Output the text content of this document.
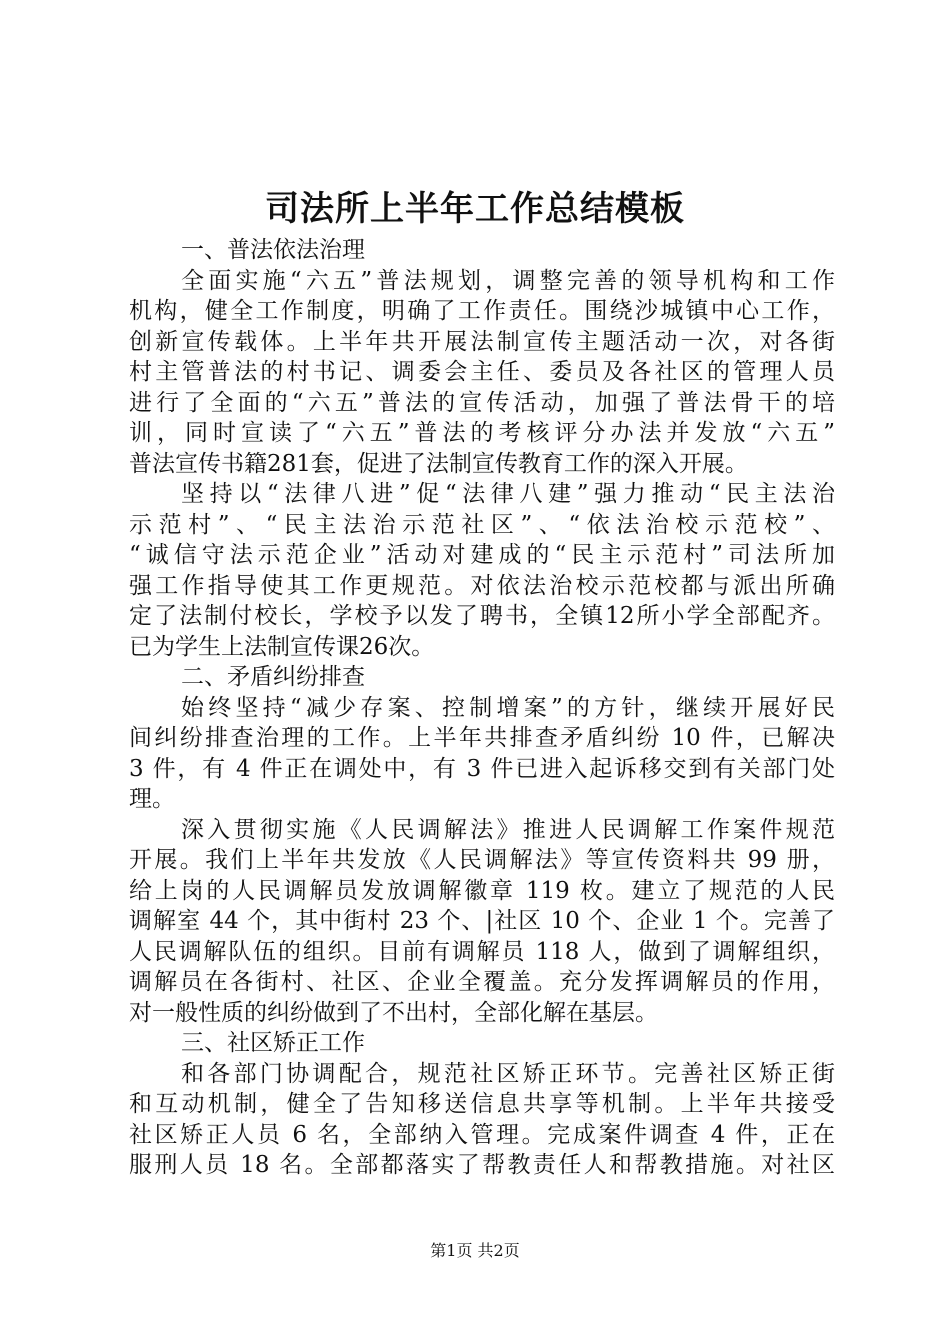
司法所上半年工作总结模板
一、普法依法治理
全面实施“六五”普法规划，调整完善的领导机构和工作
机构，健全工作制度，明确了工作责任。围绕沙城镇中心工作，
创新宣传载体。上半年共开展法制宣传主题活动一次，对各街
村主管普法的村书记、调委会主任、委员及各社区的管理人员
进行了全面的“六五”普法的宣传活动，加强了普法骨干的培
训，同时宣读了“六五”普法的考核评分办法并发放“六五”
普法宣传书籍281套，促进了法制宣传教育工作的深入开展。
坚持以“法律八进”促“法律八建”强力推动“民主法治
示范村”、“民主法治示范社区”、“依法治校示范校”、
“诚信守法示范企业”活动对建成的“民主示范村”司法所加
强工作指导使其工作更规范。对依法治校示范校都与派出所确
定了法制付校长，学校予以发了聘书，全镇12所小学全部配齐。
已为学生上法制宣传课26次。
二、矛盾纠纷排查
始终坚持“减少存案、控制增案”的方针，继续开展好民
间纠纷排查治理的工作。上半年共排查矛盾纠纷 10 件，已解决
3 件，有 4 件正在调处中，有 3 件已进入起诉移交到有关部门处
理。
深入贯彻实施《人民调解法》推进人民调解工作案件规范
开展。我们上半年共发放《人民调解法》等宣传资料共 99 册，
给上岗的人民调解员发放调解徽章 119 枚。建立了规范的人民
调解室 44 个，其中街村 23 个、|社区 10 个、企业 1 个。完善了
人民调解队伍的组织。目前有调解员 118 人，做到了调解组织，
调解员在各街村、社区、企业全覆盖。充分发挥调解员的作用，
对一般性质的纠纷做到了不出村，全部化解在基层。
三、社区矫正工作
和各部门协调配合，规范社区矫正环节。完善社区矫正街
和互动机制，健全了告知移送信息共享等机制。上半年共接受
社区矫正人员 6 名，全部纳入管理。完成案件调查 4 件，正在
服刑人员 18 名。全部都落实了帮教责任人和帮教措施。对社区
第1页 共2页
